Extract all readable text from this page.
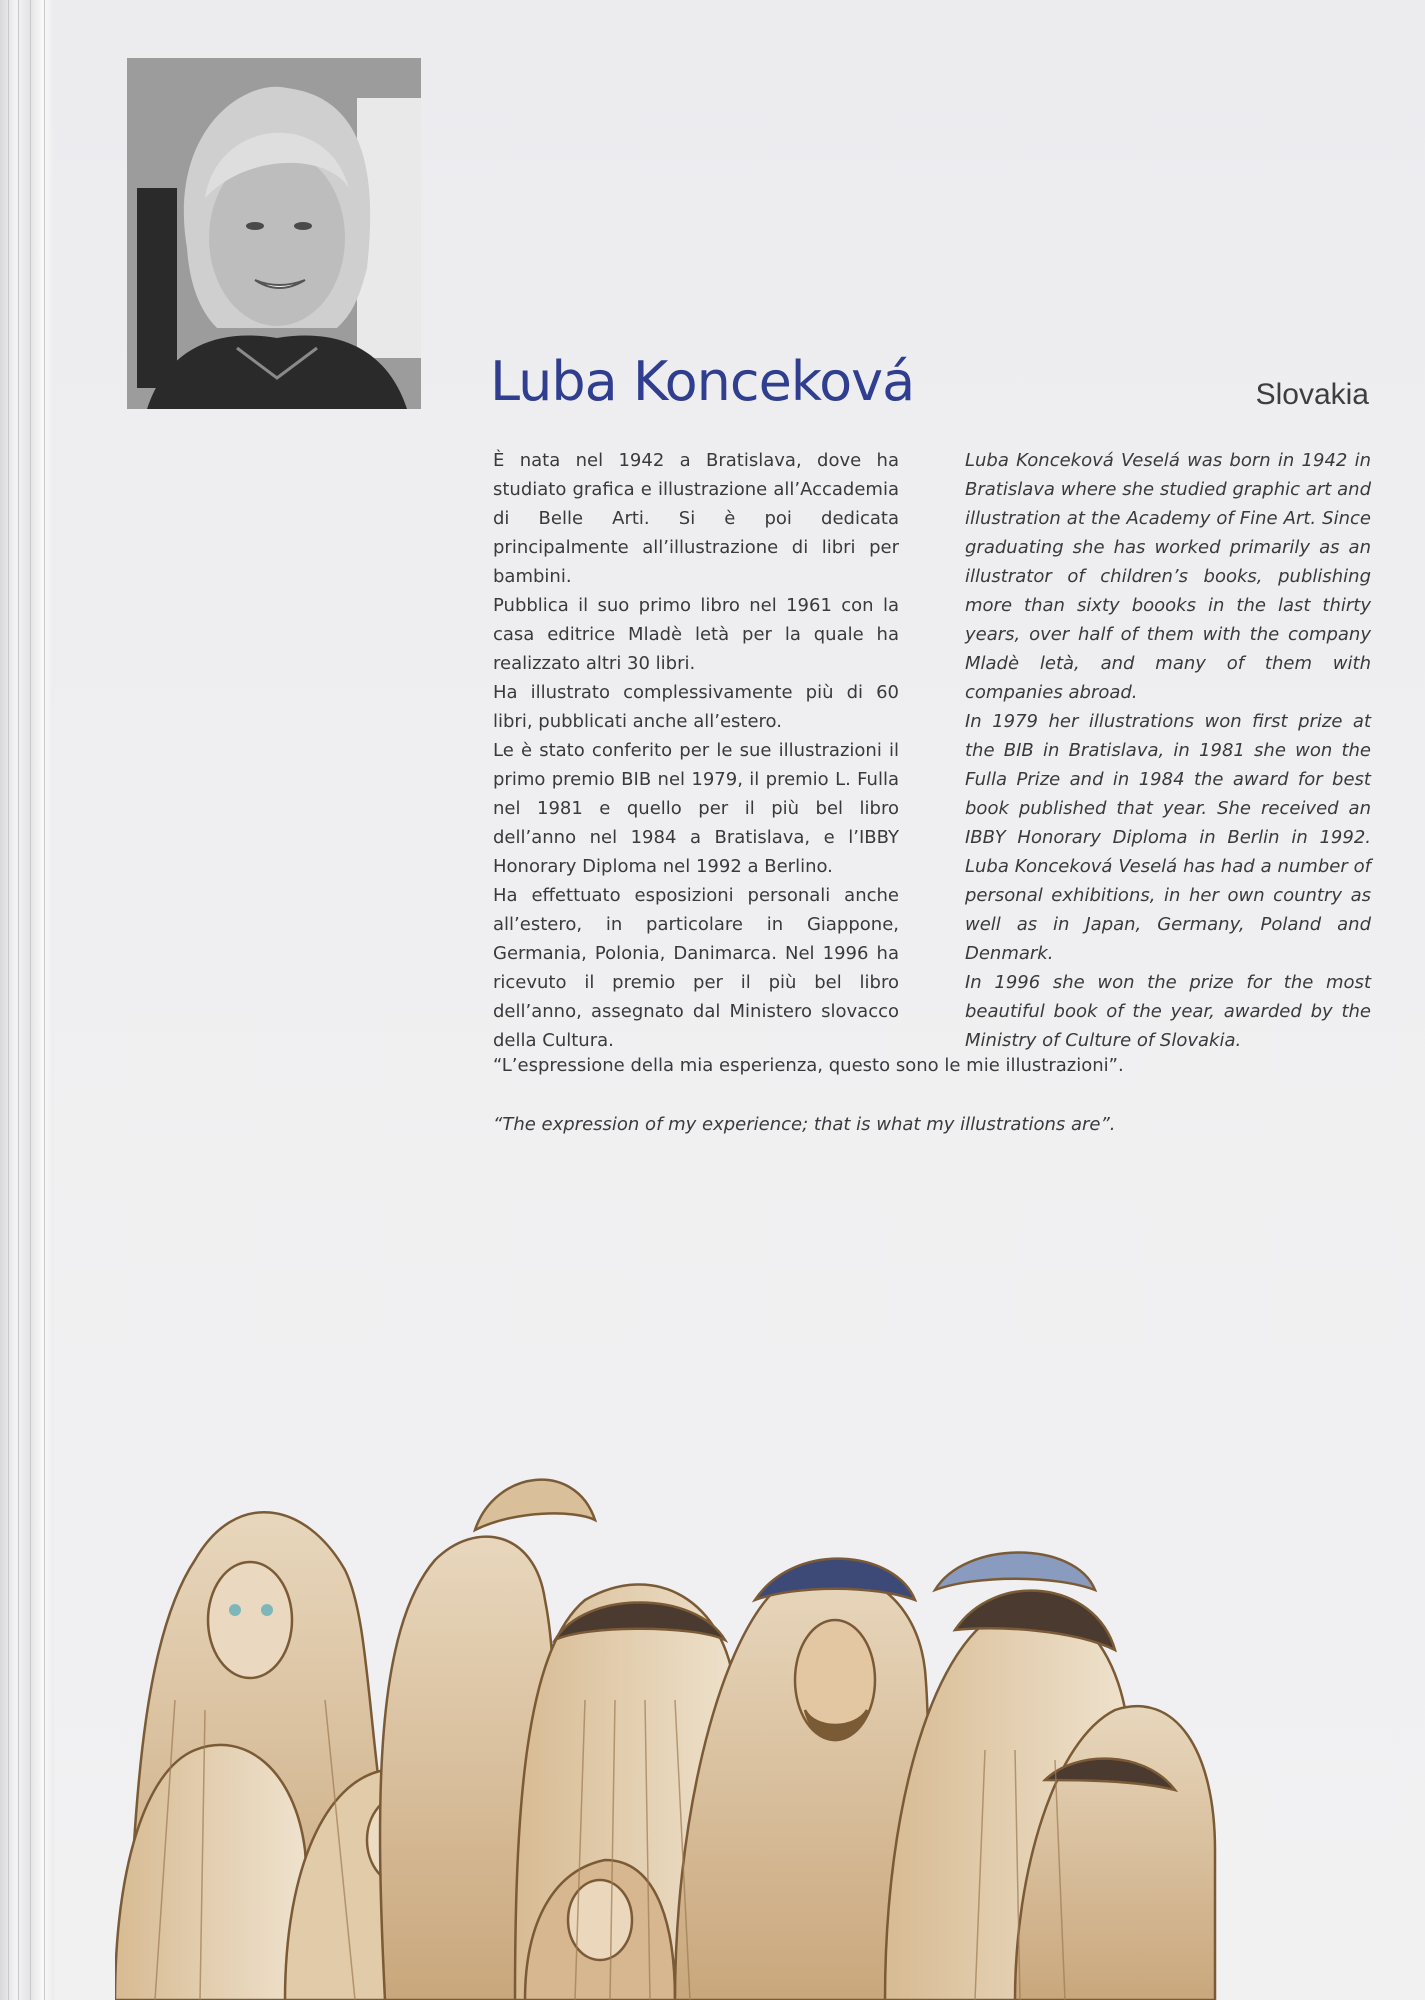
Luba Konceková	Slovakia

È nata nel 1942 a Bratislava, dove ha studiato grafica e illustrazione all’Accademia di Belle Arti. Si è poi dedicata principalmente all’illustrazione di libri per bambini.

Pubblica il suo primo libro nel 1961 con la casa editrice Mladè letà per la quale ha realizzato altri 30 libri.

Ha illustrato complessivamente più di 60 libri, pubblicati anche all’estero.

Le è stato conferito per le sue illustrazioni il primo premio BIB nel 1979, il premio L. Fulla nel 1981 e quello per il più bel libro dell’anno nel 1984 a Bratislava, e l’IBBY Honorary Diploma nel 1992 a Berlino.

Ha effettuato esposizioni personali anche all’estero, in particolare in Giappone, Germania, Polonia, Danimarca. Nel 1996 ha ricevuto il premio per il più bel libro dell’anno, assegnato dal Ministero slovacco della Cultura.

Luba Konceková Veselá was born in 1942 in Bratislava where she studied graphic art and illustration at the Academy of Fine Art. Since graduating she has worked primarily as an illustrator of children’s books, publishing more than sixty boooks in the last thirty years, over half of them with the company Mladè letà, and many of them with companies abroad.

In 1979 her illustrations won first prize at the BIB in Bratislava, in 1981 she won the Fulla Prize and in 1984 the award for best book published that year. She received an IBBY Honorary Diploma in Berlin in 1992. Luba Konceková Veselá has had a number of personal exhibitions, in her own country as well as in Japan, Germany, Poland and Denmark.

In 1996 she won the prize for the most beautiful book of the year, awarded by the Ministry of Culture of Slovakia.

“L’espressione della mia esperienza, questo sono le mie illustrazioni”.
“The expression of my experience; that is what my illustrations are”.
